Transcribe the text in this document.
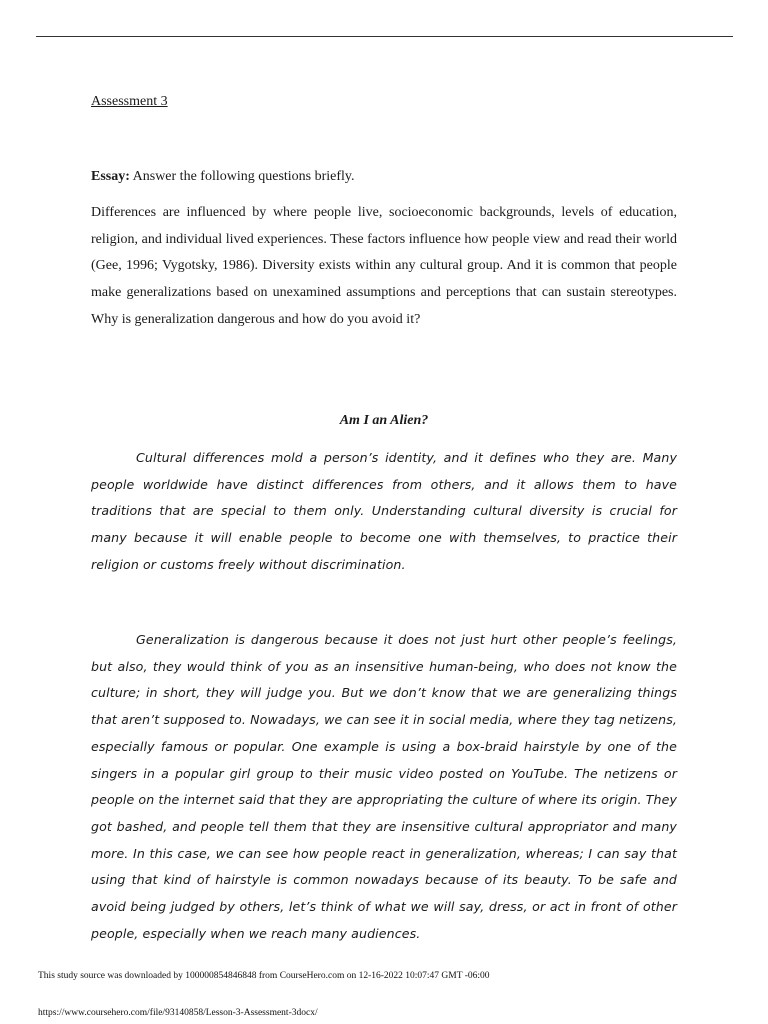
Assessment 3

Essay: Answer the following questions briefly.

Differences are influenced by where people live, socioeconomic backgrounds, levels of education, religion, and individual lived experiences. These factors influence how people view and read their world (Gee, 1996; Vygotsky, 1986). Diversity exists within any cultural group. And it is common that people make generalizations based on unexamined assumptions and perceptions that can sustain stereotypes. Why is generalization dangerous and how do you avoid it?

Am I an Alien?

Cultural differences mold a person’s identity, and it defines who they are. Many people worldwide have distinct differences from others, and it allows them to have traditions that are special to them only. Understanding cultural diversity is crucial for many because it will enable people to become one with themselves, to practice their religion or customs freely without discrimination.

Generalization is dangerous because it does not just hurt other people’s feelings, but also, they would think of you as an insensitive human-being, who does not know the culture; in short, they will judge you. But we don’t know that we are generalizing things that aren’t supposed to. Nowadays, we can see it in social media, where they tag netizens, especially famous or popular. One example is using a box-braid hairstyle by one of the singers in a popular girl group to their music video posted on YouTube. The netizens or people on the internet said that they are appropriating the culture of where its origin. They got bashed, and people tell them that they are insensitive cultural appropriator and many more. In this case, we can see how people react in generalization, whereas; I can say that using that kind of hairstyle is common nowadays because of its beauty. To be safe and avoid being judged by others, let’s think of what we will say, dress, or act in front of other people, especially when we reach many audiences.

This study source was downloaded by 100000854846848 from CourseHero.com on 12-16-2022 10:07:47 GMT -06:00

https://www.coursehero.com/file/93140858/Lesson-3-Assessment-3docx/
